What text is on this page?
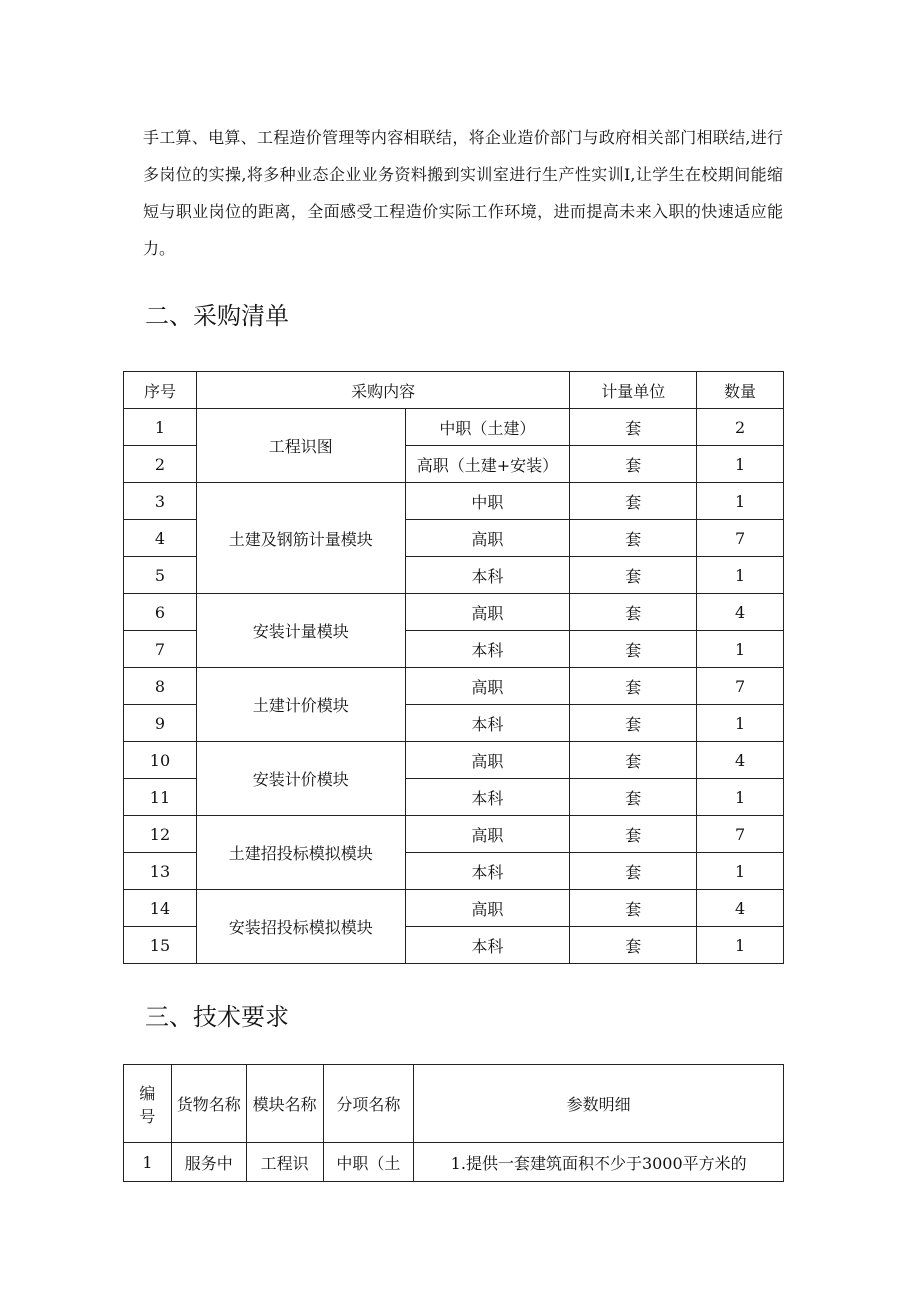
手工算、电算、工程造价管理等内容相联结，将企业造价部门与政府相关部门相联结,进行多岗位的实操,将多种业态企业业务资料搬到实训室进行生产性实训I,让学生在校期间能缩短与职业岗位的距离，全面感受工程造价实际工作环境，进而提高未来入职的快速适应能力。

二、采购清单
序号	采购内容		计量单位	数量
1	工程识图	中职（土建）	套	2
2		高职（土建+安装）	套	1
3	土建及钢筋计量模块	中职	套	1
4		高职	套	7
5		本科	套	1
6	安装计量模块	高职	套	4
7		本科	套	1
8	土建计价模块	高职	套	7
9		本科	套	1
10	安装计价模块	高职	套	4
11		本科	套	1
12	土建招投标模拟模块	高职	套	7
13		本科	套	1
14	安装招投标模拟模块	高职	套	4
15		本科	套	1
三、技术要求
编
号	货物名称	模块名称	分项名称	参数明细
1	服务中	工程识	中职（土	1.提供一套建筑面积不少于3000平方米的
